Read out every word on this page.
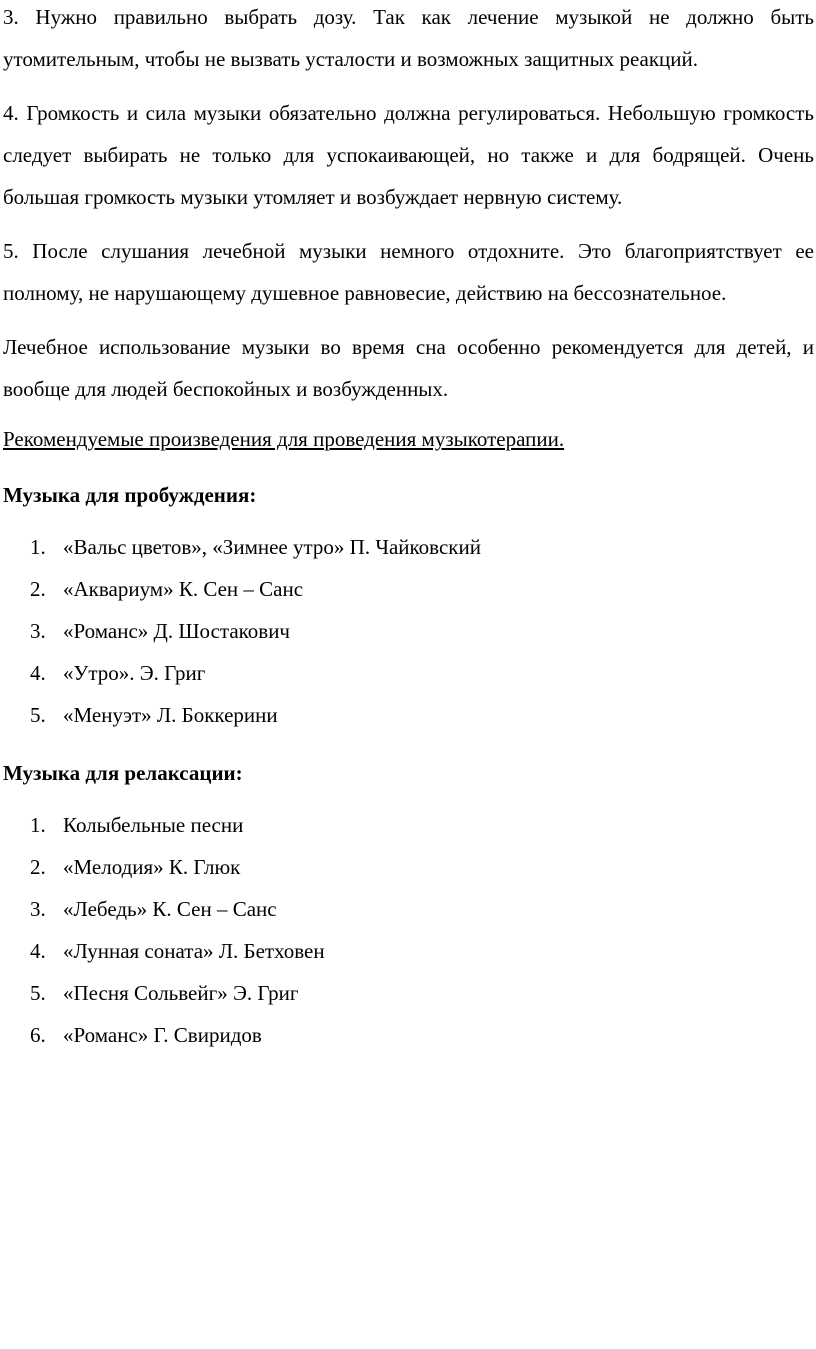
3. Нужно правильно выбрать дозу. Так как лечение музыкой не должно быть утомительным, чтобы не вызвать усталости и возможных защитных реакций.

4. Громкость и сила музыки обязательно должна регулироваться. Небольшую громкость следует выбирать не только для успокаивающей, но также и для бодрящей. Очень большая громкость музыки утомляет и возбуждает нервную систему.

5. После слушания лечебной музыки немного отдохните. Это благоприятствует ее полному, не нарушающему душевное равновесие, действию на бессознательное.

Лечебное использование музыки во время сна особенно рекомендуется для детей, и вообще для людей беспокойных и возбужденных.

Рекомендуемые произведения для проведения музыкотерапии.

Музыка для пробуждения:

1. «Вальс цветов», «Зимнее утро» П. Чайковский
2. «Аквариум» К. Сен – Санс
3. «Романс» Д. Шостакович
4. «Утро». Э. Григ
5. «Менуэт» Л. Боккерини

Музыка для релаксации:

1. Колыбельные песни
2. «Мелодия» К. Глюк
3. «Лебедь» К. Сен – Санс
4. «Лунная соната» Л. Бетховен
5. «Песня Сольвейг» Э. Григ
6. «Романс» Г. Свиридов
